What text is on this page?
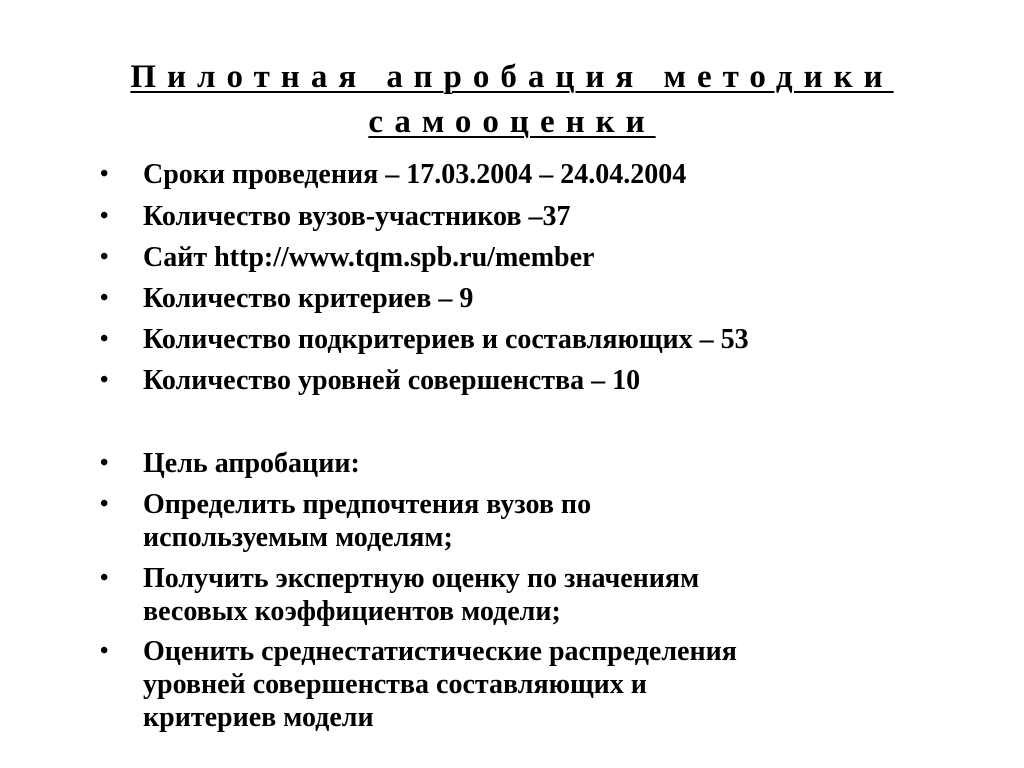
Пилотная апробация методики
самооценки
•	Сроки проведения – 17.03.2004 – 24.04.2004
•	Количество вузов-участников –37
•	Сайт http://www.tqm.spb.ru/member
•	Количество критериев – 9
•	Количество подкритериев и составляющих – 53
•	Количество уровней совершенства – 10
•	Цель апробации:
•	Определить предпочтения вузов по
используемым моделям;
•	Получить экспертную оценку по значениям
весовых коэффициентов модели;
•	Оценить среднестатистические распределения
уровней совершенства составляющих и
критериев модели
